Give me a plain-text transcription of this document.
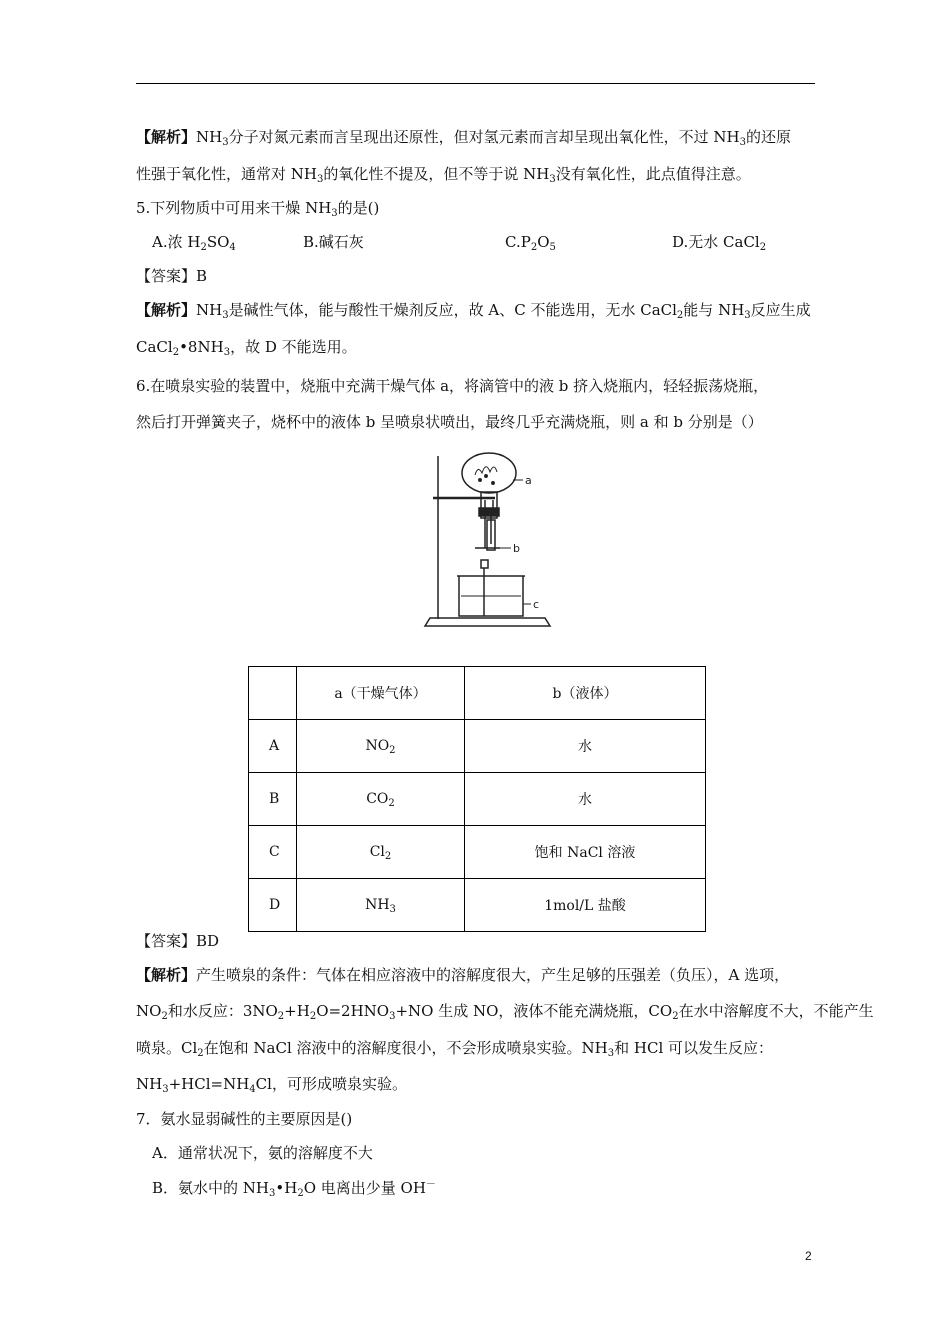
【解析】$NH_3$分子对氮元素而言呈现出还原性，但对氢元素而言却呈现出氧化性，不过 $NH_3$的还原
性强于氧化性，通常对 $NH_3$的氧化性不提及，但不等于说 $NH_3$没有氧化性，此点值得注意。
5.下列物质中可用来干燥 $NH_3$的是()
A.浓 $H_2SO_4$	B.碱石灰	$C.P_2O_5$	D.无水 CaCl$_2$
【答案】B
【解析】$NH_3$是碱性气体，能与酸性干燥剂反应，故 A、C 不能选用，无水 CaCl$_2$能与 $NH_3$反应生成
$CaCl_2•8NH_3$，故 D 不能选用。
6.在喷泉实验的装置中，烧瓶中充满干燥气体 a，将滴管中的液 b 挤入烧瓶内，轻轻振荡烧瓶，
然后打开弹簧夹子，烧杯中的液体 b 呈喷泉状喷出，最终几乎充满烧瓶，则 a 和 b 分别是（）
a
b
c
	a（干燥气体）	b（液体）
A	$NO_2$	水
B	$CO_2$	水
C	$Cl_2$	饱和 NaCl 溶液
D	$NH_3$	1mol/L 盐酸
【答案】BD
【解析】产生喷泉的条件：气体在相应溶液中的溶解度很大，产生足够的压强差（负压），A 选项，
$NO_2$和水反应：$3NO_2+H_2O=2HNO_3+NO$ 生成 NO，液体不能充满烧瓶，$CO_2$在水中溶解度不大，不能产生
喷泉。$Cl_2$在饱和 NaCl 溶液中的溶解度很小，不会形成喷泉实验。$NH_3$和 HCl 可以发生反应：
$NH_3+HCl=NH_4Cl$，可形成喷泉实验。
7．氨水显弱碱性的主要原因是()
A．通常状况下，氨的溶解度不大
B．氨水中的 $NH_3•H_2O$ 电离出少量 OH－
2
